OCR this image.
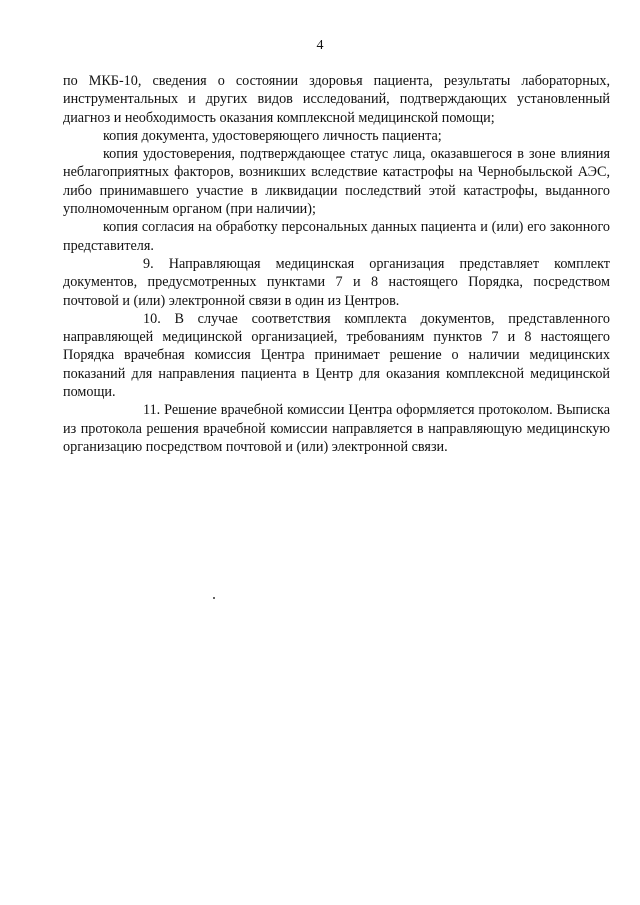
4

по МКБ-10, сведения о состоянии здоровья пациента, результаты лабораторных, инструментальных и других видов исследований, подтверждающих установленный диагноз и необходимость оказания комплексной медицинской помощи;

копия документа, удостоверяющего личность пациента;

копия удостоверения, подтверждающее статус лица, оказавшегося в зоне влияния неблагоприятных факторов, возникших вследствие катастрофы на Чернобыльской АЭС, либо принимавшего участие в ликвидации последствий этой катастрофы, выданного уполномоченным органом (при наличии);

копия согласия на обработку персональных данных пациента и (или) его законного представителя.

9. Направляющая медицинская организация представляет комплект документов, предусмотренных пунктами 7 и 8 настоящего Порядка, посредством почтовой и (или) электронной связи в один из Центров.

10. В случае соответствия комплекта документов, представленного направляющей медицинской организацией, требованиям пунктов 7 и 8 настоящего Порядка врачебная комиссия Центра принимает решение о наличии медицинских показаний для направления пациента в Центр для оказания комплексной медицинской помощи.

11. Решение врачебной комиссии Центра оформляется протоколом. Выписка из протокола решения врачебной комиссии направляется в направляющую медицинскую организацию посредством почтовой и (или) электронной связи.
